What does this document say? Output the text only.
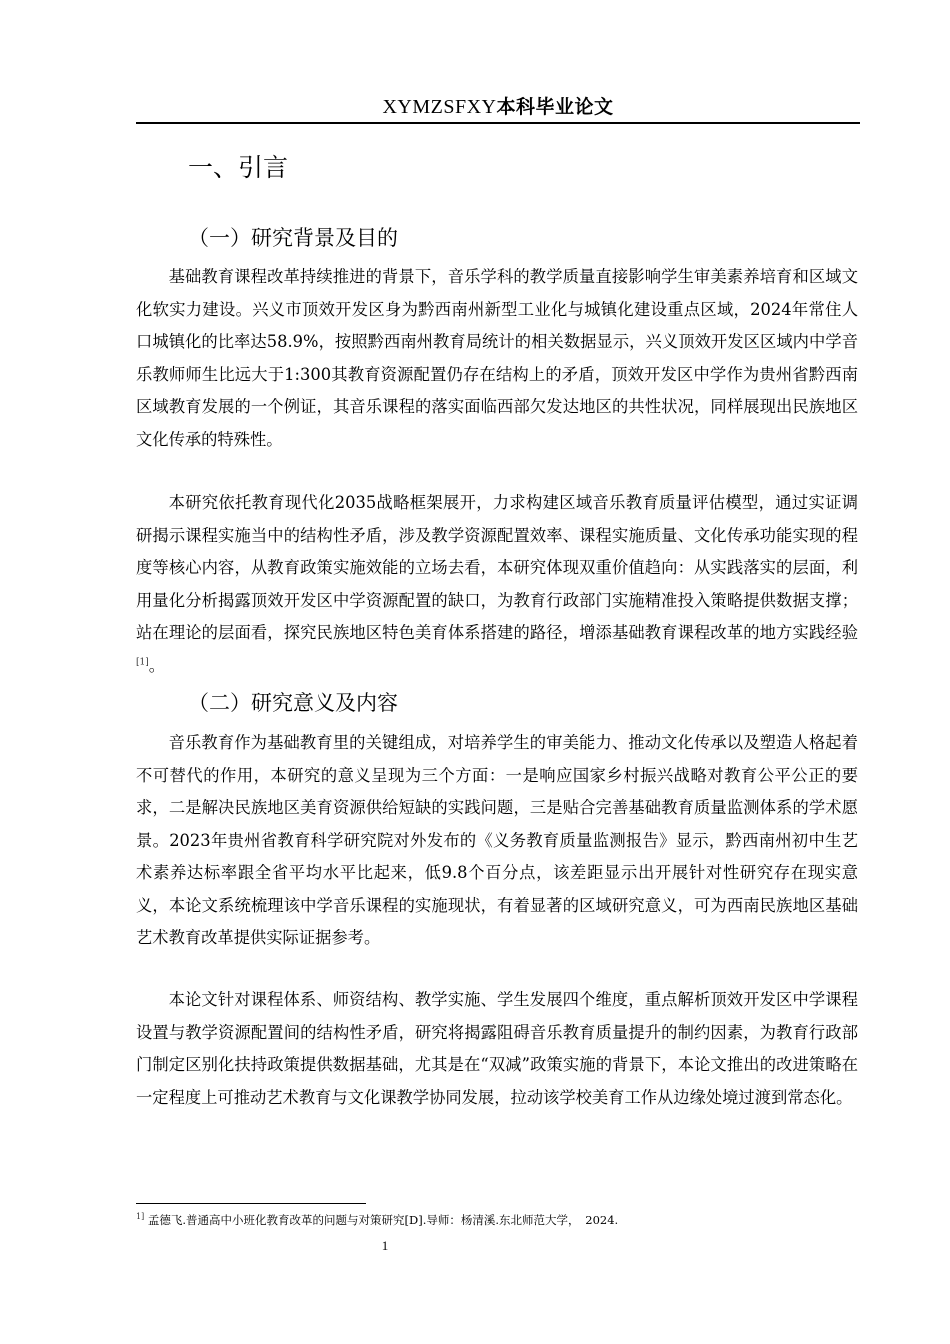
XYMZSFXY本科毕业论文
一、引言
（一）研究背景及目的

基础教育课程改革持续推进的背景下，音乐学科的教学质量直接影响学生审美素养培育和区域文化软实力建设。兴义市顶效开发区身为黔西南州新型工业化与城镇化建设重点区域，2024年常住人口城镇化的比率达58.9%，按照黔西南州教育局统计的相关数据显示，兴义顶效开发区区域内中学音乐教师师生比远大于1:300其教育资源配置仍存在结构上的矛盾，顶效开发区中学作为贵州省黔西南区域教育发展的一个例证，其音乐课程的落实面临西部欠发达地区的共性状况，同样展现出民族地区文化传承的特殊性。

本研究依托教育现代化2035战略框架展开，力求构建区域音乐教育质量评估模型，通过实证调研揭示课程实施当中的结构性矛盾，涉及教学资源配置效率、课程实施质量、文化传承功能实现的程度等核心内容，从教育政策实施效能的立场去看，本研究体现双重价值趋向：从实践落实的层面，利用量化分析揭露顶效开发区中学资源配置的缺口，为教育行政部门实施精准投入策略提供数据支撑；站在理论的层面看，探究民族地区特色美育体系搭建的路径，增添基础教育课程改革的地方实践经验[1]。

（二）研究意义及内容

音乐教育作为基础教育里的关键组成，对培养学生的审美能力、推动文化传承以及塑造人格起着不可替代的作用，本研究的意义呈现为三个方面：一是响应国家乡村振兴战略对教育公平公正的要求，二是解决民族地区美育资源供给短缺的实践问题，三是贴合完善基础教育质量监测体系的学术愿景。2023年贵州省教育科学研究院对外发布的《义务教育质量监测报告》显示，黔西南州初中生艺术素养达标率跟全省平均水平比起来，低9.8个百分点，该差距显示出开展针对性研究存在现实意义，本论文系统梳理该中学音乐课程的实施现状，有着显著的区域研究意义，可为西南民族地区基础艺术教育改革提供实际证据参考。

本论文针对课程体系、师资结构、教学实施、学生发展四个维度，重点解析顶效开发区中学课程设置与教学资源配置间的结构性矛盾，研究将揭露阻碍音乐教育质量提升的制约因素，为教育行政部门制定区别化扶持政策提供数据基础，尤其是在“双减”政策实施的背景下，本论文推出的改进策略在一定程度上可推动艺术教育与文化课教学协同发展，拉动该学校美育工作从边缘处境过渡到常态化。

$^{1]}$ 孟德飞.普通高中小班化教育改革的问题与对策研究[D].导师：杨清溪.东北师范大学，　2024.
1
